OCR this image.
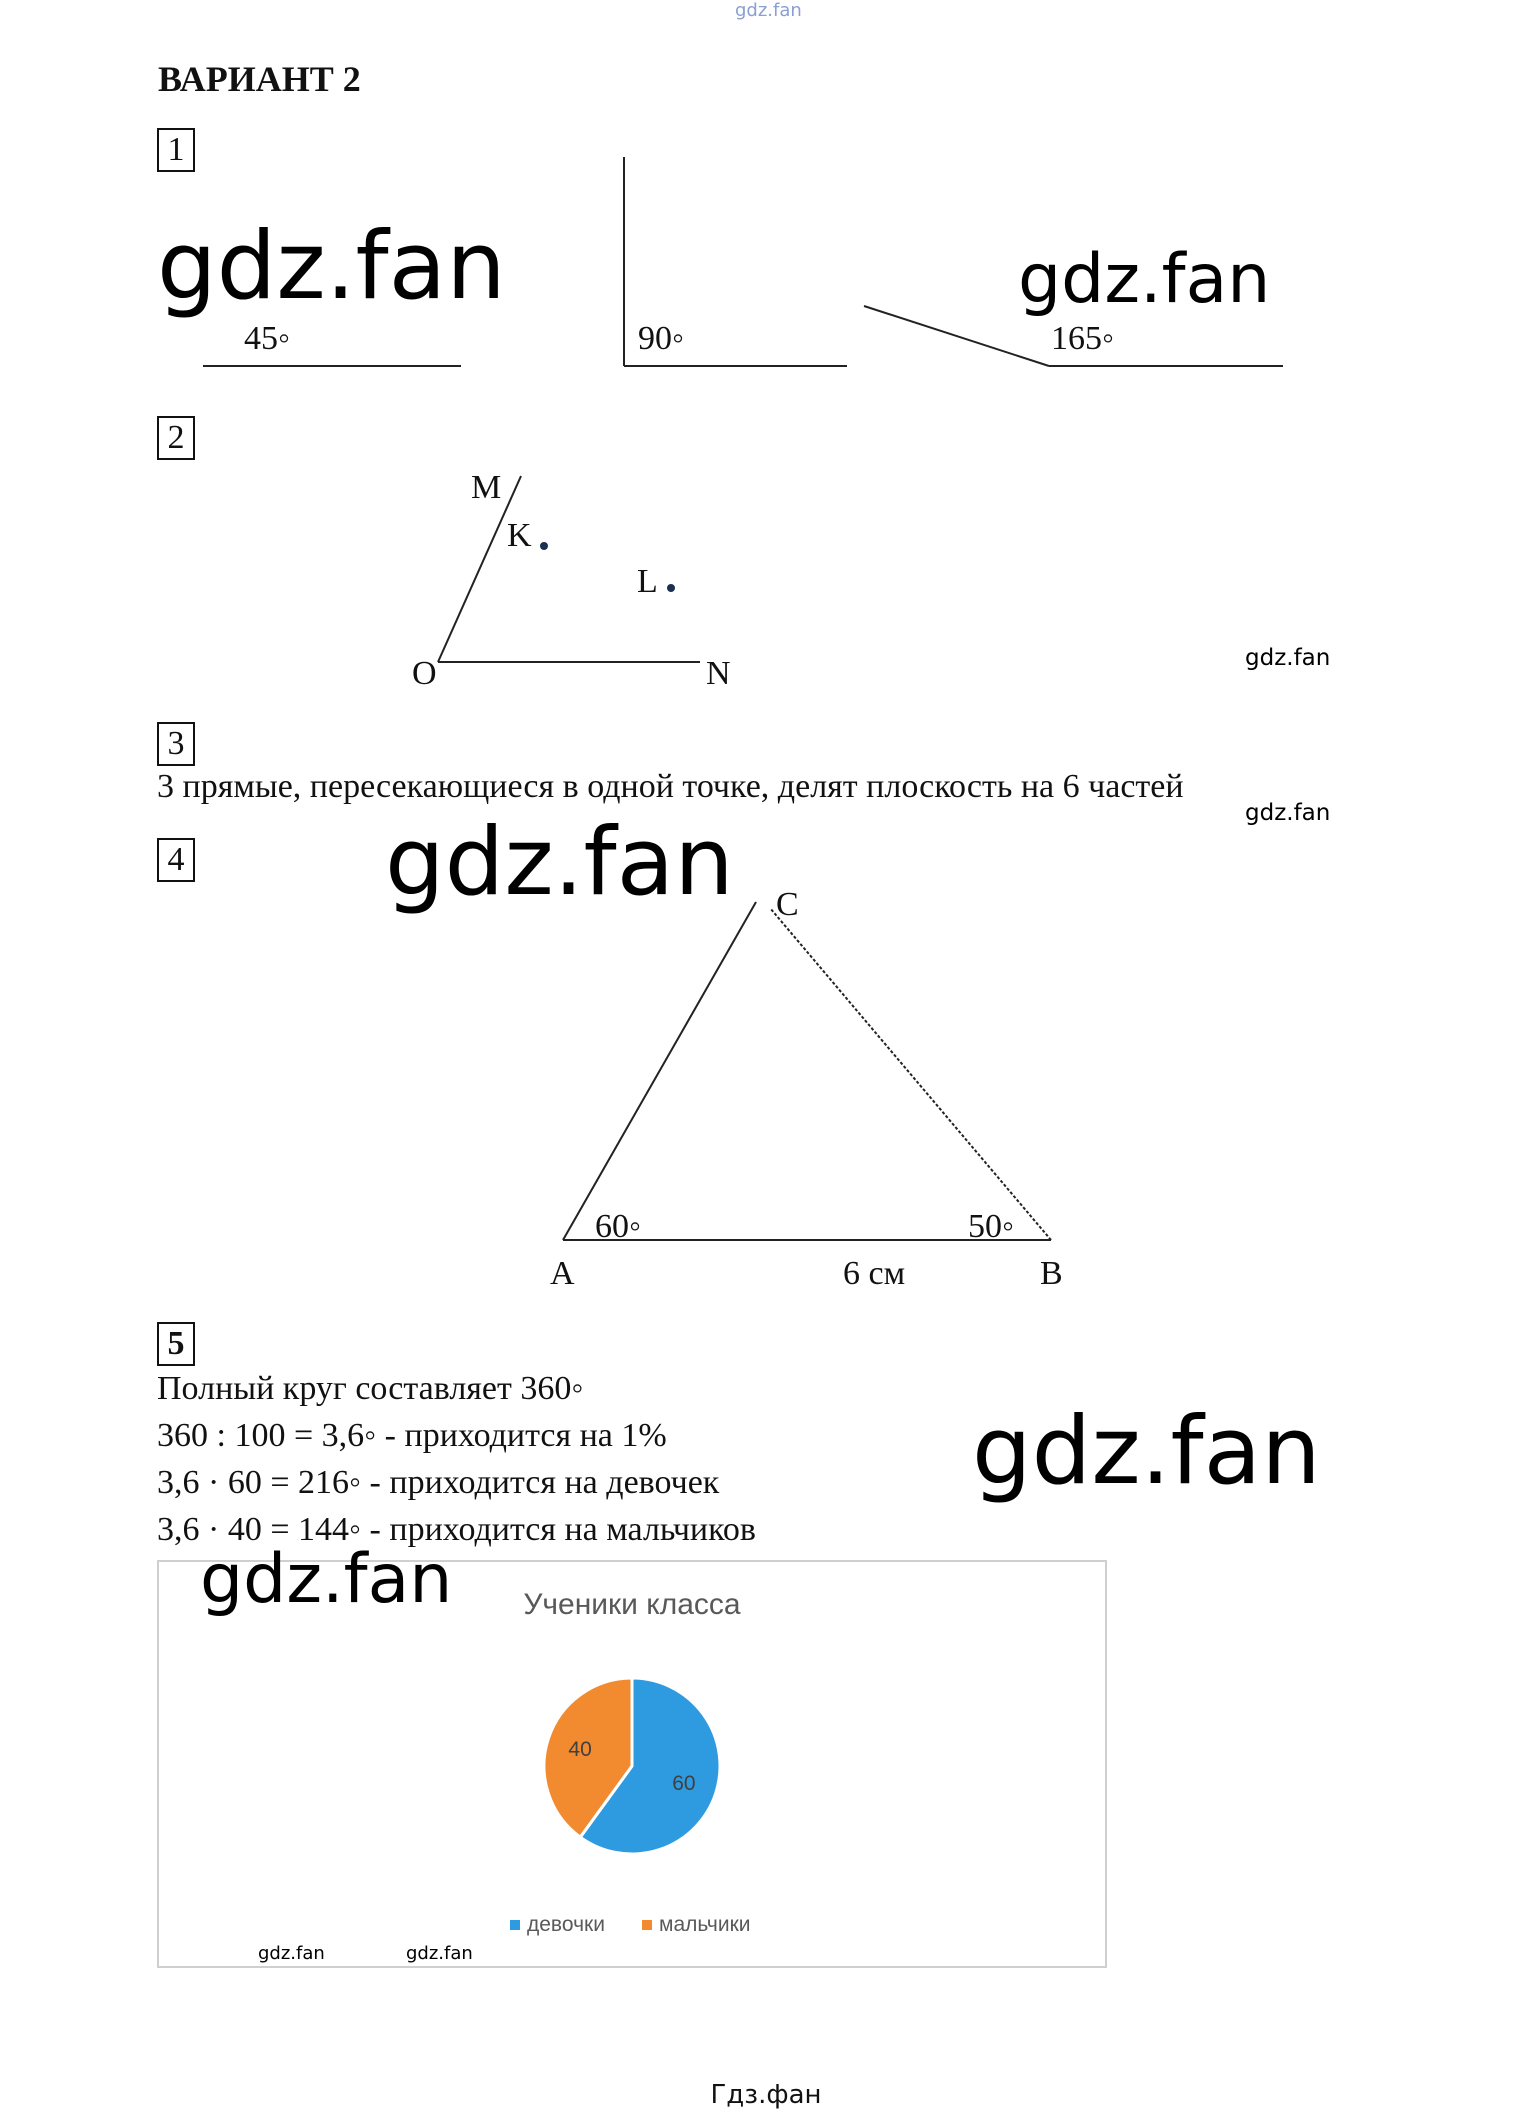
gdz.fan
ВАРИАНТ 2
1
2
3
4
5
45◦	90◦	165◦
M
K
L
O	N
C
60◦	50◦
A	B
6 см
3 прямые, пересекающиеся в одной точке, делят плоскость на 6 частей
Полный круг составляет 360◦
360 : 100 = 3,6◦ - приходится на 1%
3,6 · 60 = 216◦ - приходится на девочек
3,6 · 40 = 144◦ - приходится на мальчиков
Ученики класса
60
40
девочки	мальчики
gdz.fan	gdz.fan
gdz.fan
gdz.fan
gdz.fan
gdz.fan
gdz.fan
gdz.fan	gdz.fan
Гдз.фан
